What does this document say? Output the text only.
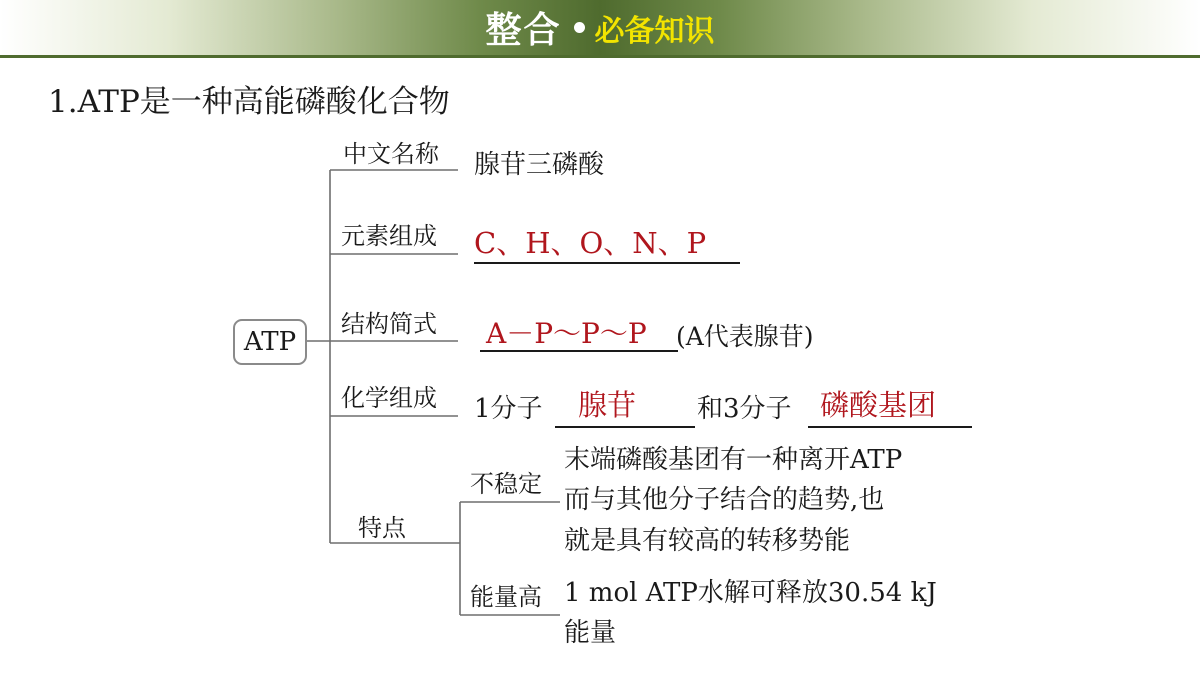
整合 必备知识
1.ATP是一种高能磷酸化合物
ATP
中文名称 腺苷三磷酸
元素组成 C、H、O、N、P
结构简式 A－P～P～P (A代表腺苷)
化学组成 1分子 腺苷 和3分子 磷酸基团
特点
不稳定
末端磷酸基团有一种离开ATP
而与其他分子结合的趋势,也
就是具有较高的转移势能
能量高 1 mol ATP水解可释放30.54 kJ
能量
